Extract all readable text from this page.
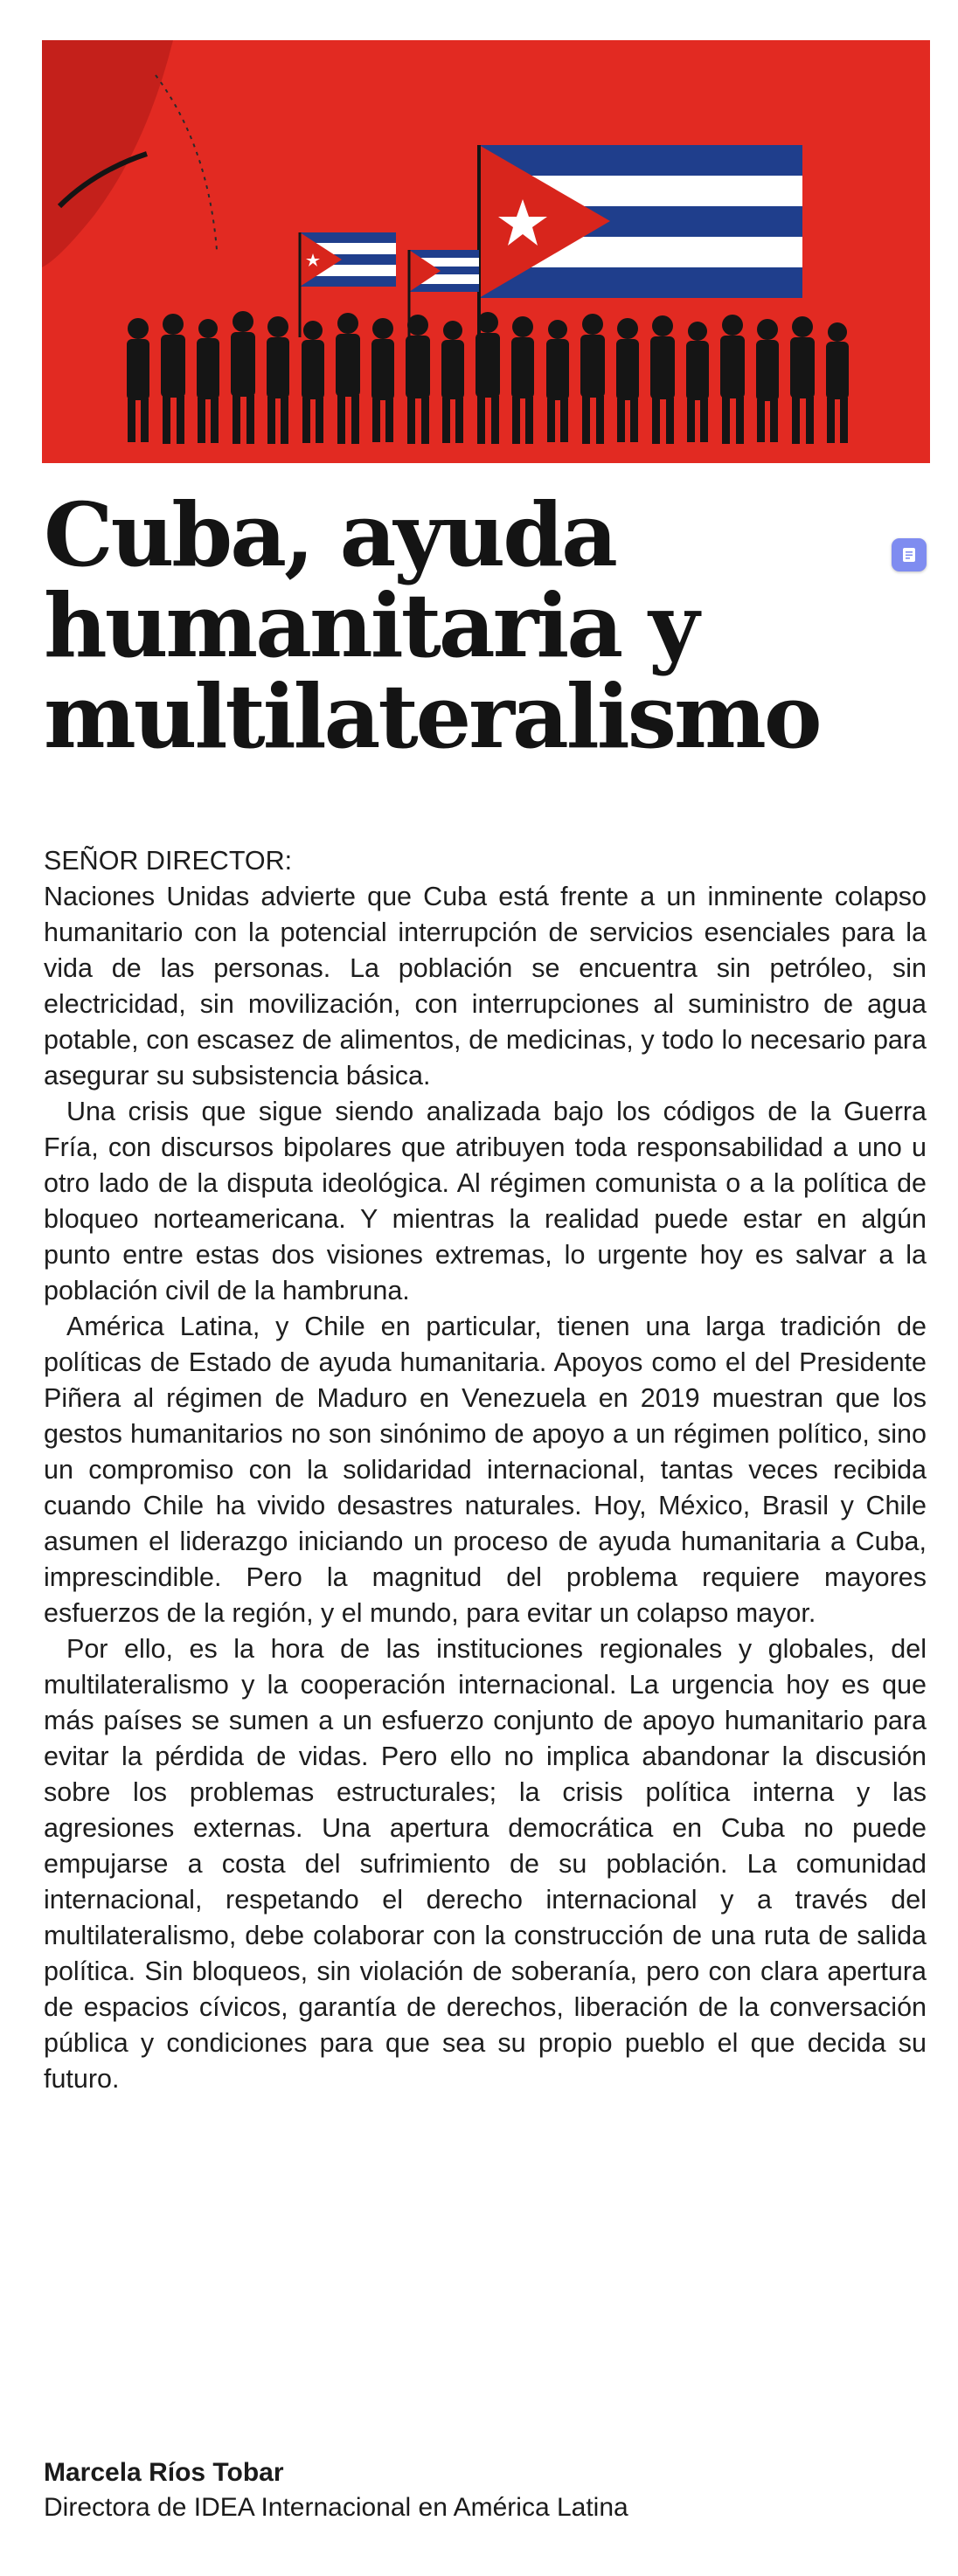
Cuba, ayuda
humanitaria y
multilateralismo

SEÑOR DIRECTOR:

Naciones Unidas advierte que Cuba está frente a un inminente colapso humanitario con la potencial interrupción de servicios esenciales para la vida de las personas. La población se encuentra sin petróleo, sin electricidad, sin movilización, con interrupciones al suministro de agua potable, con escasez de alimentos, de medicinas, y todo lo necesario para asegurar su subsistencia básica.

Una crisis que sigue siendo analizada bajo los códigos de la Guerra Fría, con discursos bipolares que atribuyen toda responsabilidad a uno u otro lado de la disputa ideológica. Al régimen comunista o a la política de bloqueo norteamericana. Y mientras la realidad puede estar en algún punto entre estas dos visiones extremas, lo urgente hoy es salvar a la población civil de la hambruna.

América Latina, y Chile en particular, tienen una larga tradición de políticas de Estado de ayuda humanitaria. Apoyos como el del Presidente Piñera al régimen de Maduro en Venezuela en 2019 muestran que los gestos humanitarios no son sinónimo de apoyo a un régimen político, sino un compromiso con la solidaridad internacional, tantas veces recibida cuando Chile ha vivido desastres naturales. Hoy, México, Brasil y Chile asumen el liderazgo iniciando un proceso de ayuda humanitaria a Cuba, imprescindible. Pero la magnitud del problema requiere mayores esfuerzos de la región, y el mundo, para evitar un colapso mayor.

Por ello, es la hora de las instituciones regionales y globales, del multilateralismo y la cooperación internacional. La urgencia hoy es que más países se sumen a un esfuerzo conjunto de apoyo humanitario para evitar la pérdida de vidas. Pero ello no implica abandonar la discusión sobre los problemas estructurales; la crisis política interna y las agresiones externas. Una apertura democrática en Cuba no puede empujarse a costa del sufrimiento de su población. La comunidad internacional, respetando el derecho internacional y a través del multilateralismo, debe colaborar con la construcción de una ruta de salida política. Sin bloqueos, sin violación de soberanía, pero con clara apertura de espacios cívicos, garantía de derechos, liberación de la conversación pública y condiciones para que sea su propio pueblo el que decida su futuro.

Marcela Ríos Tobar

Directora de IDEA Internacional en América Latina
